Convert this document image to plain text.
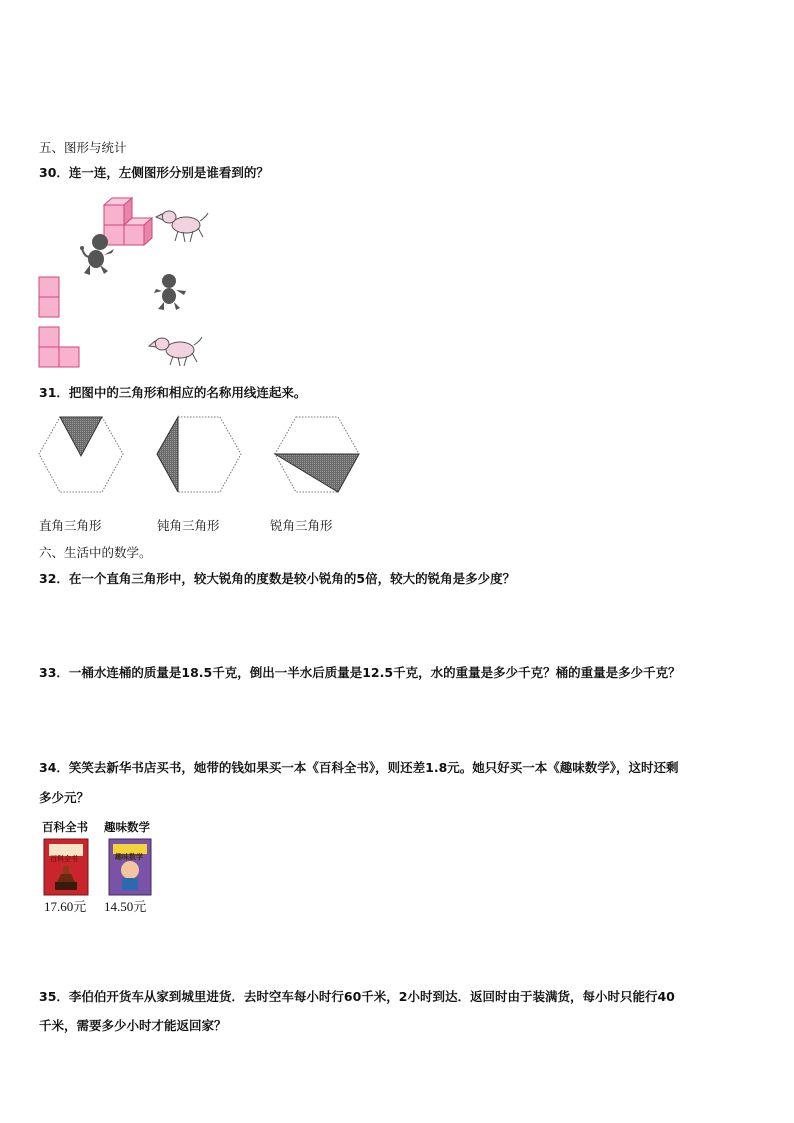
五、图形与统计
30．连一连，左侧图形分别是谁看到的？
31．把图中的三角形和相应的名称用线连起来。
直角三角形	钝角三角形	锐角三角形
六、生活中的数学。
32．在一个直角三角形中，较大锐角的度数是较小锐角的5倍，较大的锐角是多少度？
33．一桶水连桶的质量是18.5千克，倒出一半水后质量是12.5千克，水的重量是多少千克？桶的重量是多少千克？
34．笑笑去新华书店买书，她带的钱如果买一本《百科全书》，则还差1.8元。她只好买一本《趣味数学》，这时还剩
多少元？
百科全书 趣味数学
百科全书	趣味数学
17.60元 14.50元
35．李伯伯开货车从家到城里进货．去时空车每小时行60千米，2小时到达．返回时由于装满货，每小时只能行40
千米，需要多少小时才能返回家？
